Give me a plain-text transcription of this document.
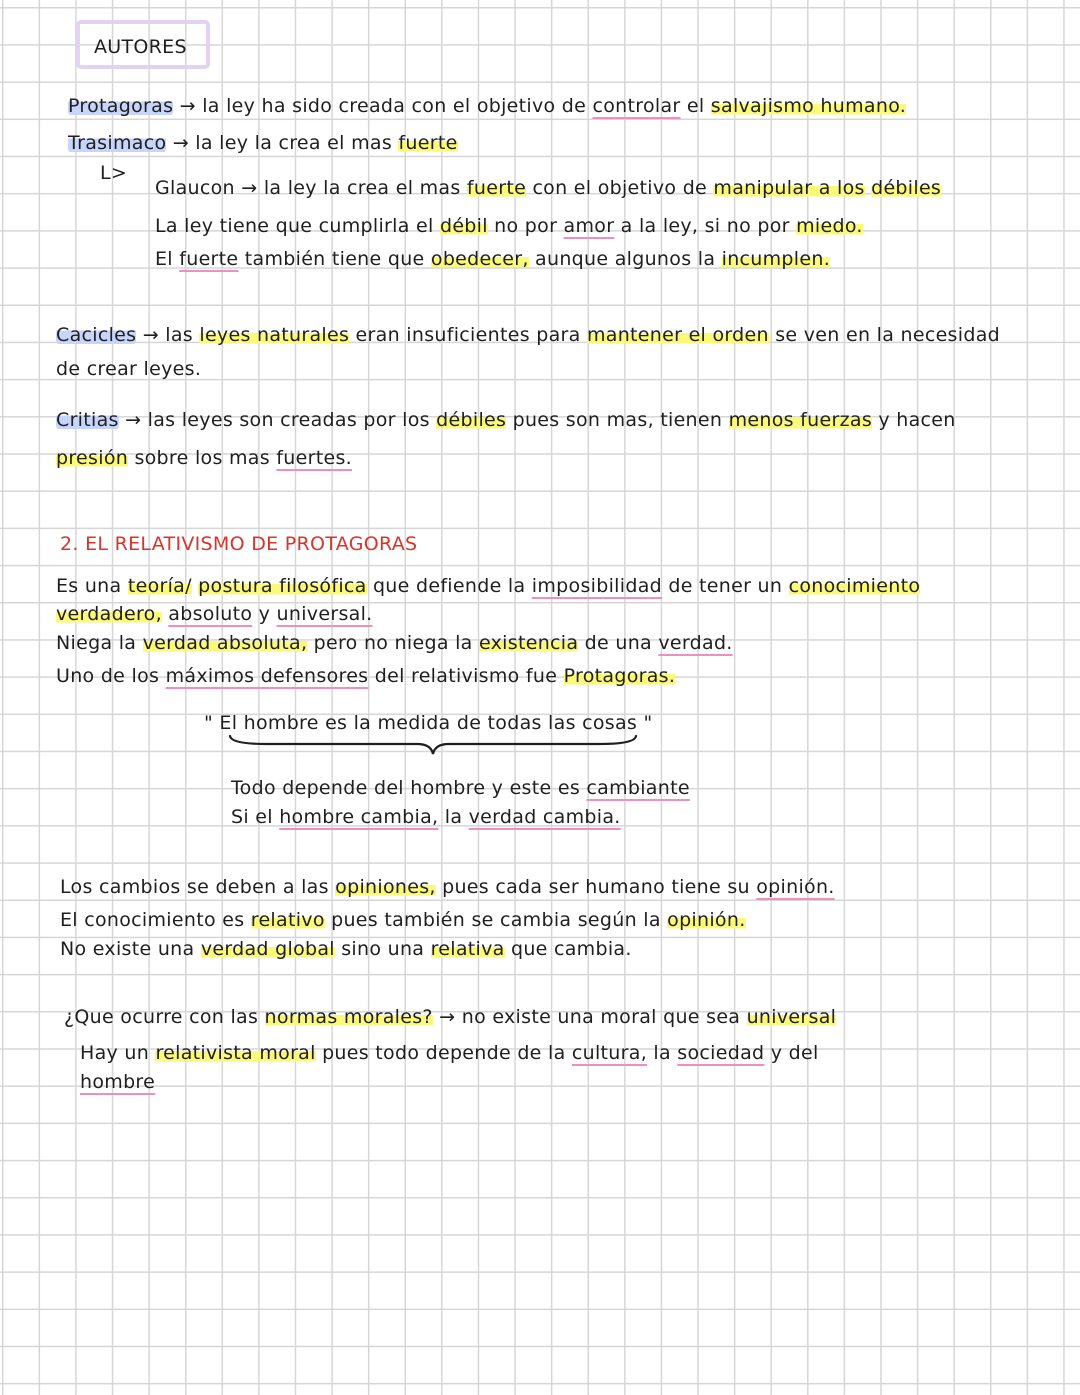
AUTORES
Protagoras → la ley ha sido creada con el objetivo de controlar el salvajismo humano.
Trasimaco → la ley la crea el mas fuerte
L>
Glaucon → la ley la crea el mas fuerte con el objetivo de manipular a los débiles
La ley tiene que cumplirla el débil no por amor a la ley, si no por miedo.
El fuerte también tiene que obedecer, aunque algunos la incumplen.
Cacicles → las leyes naturales eran insuficientes para mantener el orden se ven en la necesidad
de crear leyes.
Critias → las leyes son creadas por los débiles pues son mas, tienen menos fuerzas y hacen
presión sobre los mas fuertes.
2. EL RELATIVISMO DE PROTAGORAS
Es una teoría/ postura filosófica que defiende la imposibilidad de tener un conocimiento
verdadero, absoluto y universal.
Niega la verdad absoluta, pero no niega la existencia de una verdad.
Uno de los máximos defensores del relativismo fue Protagoras.
" El hombre es la medida de todas las cosas "
Todo depende del hombre y este es cambiante
Si el hombre cambia, la verdad cambia.
Los cambios se deben a las opiniones, pues cada ser humano tiene su opinión.
El conocimiento es relativo pues también se cambia según la opinión.
No existe una verdad global sino una relativa que cambia.
¿Que ocurre con las normas morales? → no existe una moral que sea universal
Hay un relativista moral pues todo depende de la cultura, la sociedad y del
hombre
